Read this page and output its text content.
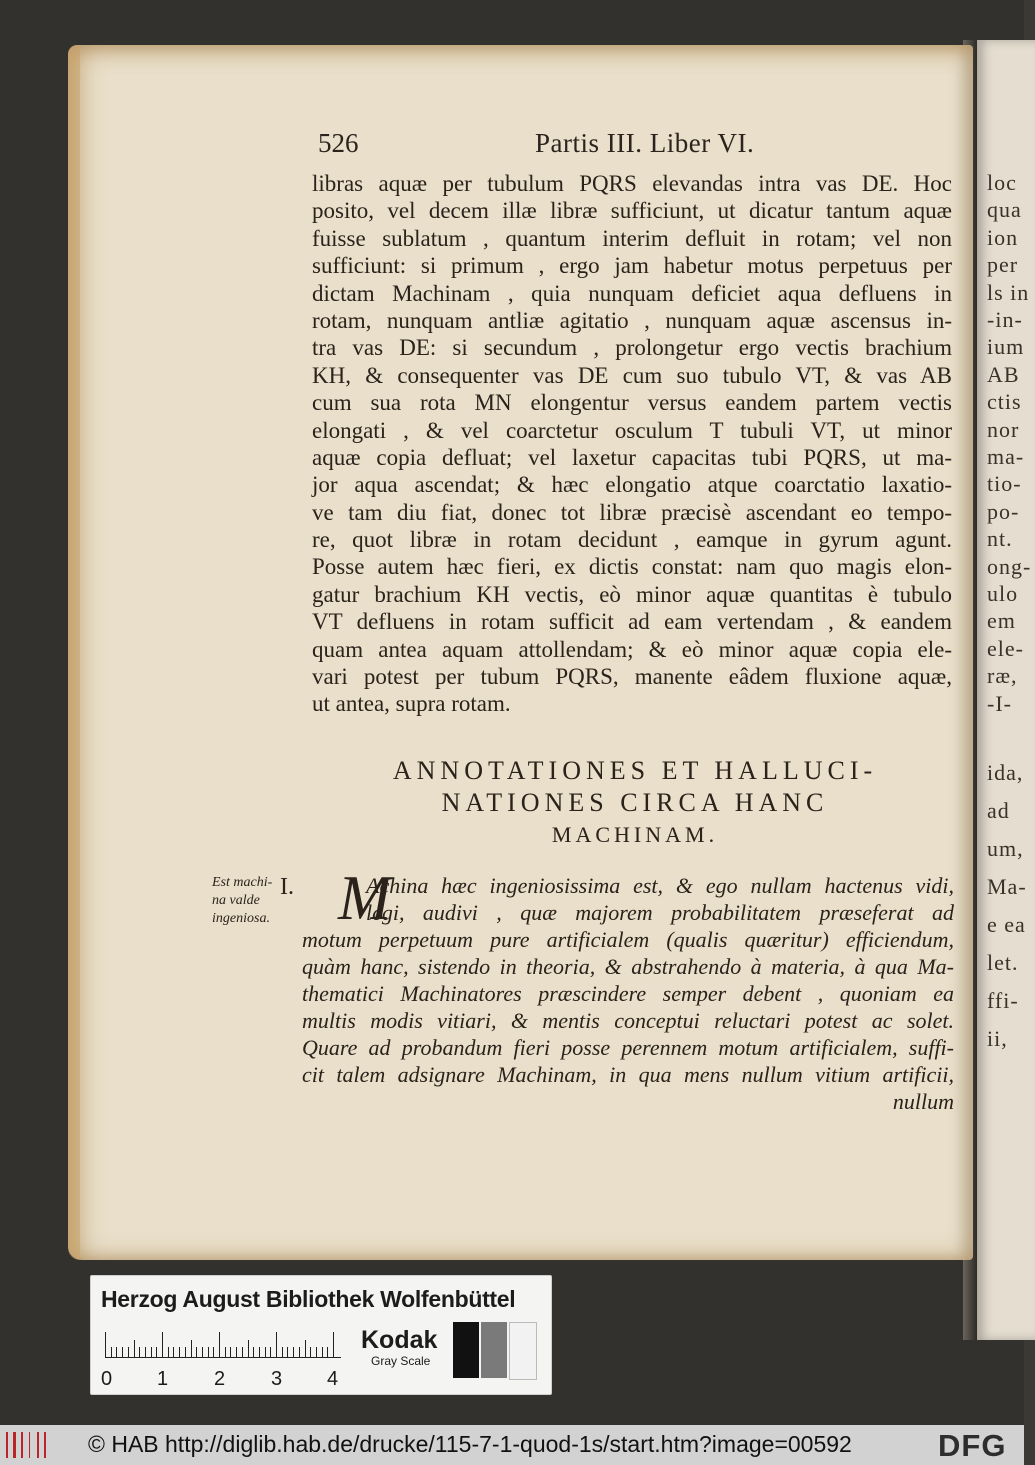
loc
qua
ion
per
ls in
-in-
ium
AB
ctis
nor
ma-
tio-
po-
nt.
ong-
ulo
em
ele-
ræ,
-I-
ida,
ad
um,
Ma-
e ea
let.
ffi-
ii,
526	Partis III. Liber VI.
libras aquæ per tubulum PQRS elevandas intra vas DE. Hoc
posito, vel decem illæ libræ sufficiunt, ut dicatur tantum aquæ
fuisse sublatum , quantum interim defluit in rotam; vel non
sufficiunt: si primum , ergo jam habetur motus perpetuus per
dictam Machinam , quia nunquam deficiet aqua defluens in
rotam, nunquam antliæ agitatio , nunquam aquæ ascensus in-
tra vas DE: si secundum , prolongetur ergo vectis brachium
KH, & consequenter vas DE cum suo tubulo VT, & vas AB
cum sua rota MN elongentur versus eandem partem vectis
elongati , & vel coarctetur osculum T tubuli VT, ut minor
aquæ copia defluat; vel laxetur capacitas tubi PQRS, ut ma-
jor aqua ascendat; & hæc elongatio atque coarctatio laxatio-
ve tam diu fiat, donec tot libræ præcisè ascendant eo tempo-
re, quot libræ in rotam decidunt , eamque in gyrum agunt.
Posse autem hæc fieri, ex dictis constat: nam quo magis elon-
gatur brachium KH vectis, eò minor aquæ quantitas è tubulo
VT defluens in rotam sufficit ad eam vertendam , & eandem
quam antea aquam attollendam; & eò minor aquæ copia ele-
vari potest per tubum PQRS, manente eâdem fluxione aquæ,
ut antea, supra rotam.
ANNOTATIONES ET HALLUCI-
NATIONES CIRCA HANC
MACHINAM.
Est machi-
na valde
ingeniosa.
I. M
Achina hæc ingeniosissima est, & ego nullam hactenus vidi,
legi, audivi , quæ majorem probabilitatem præseferat ad
motum perpetuum pure artificialem (qualis quæritur) efficiendum,
quàm hanc, sistendo in theoria, & abstrahendo à materia, à qua Ma-
thematici Machinatores præscindere semper debent , quoniam ea
multis modis vitiari, & mentis conceptui reluctari potest ac solet.
Quare ad probandum fieri posse perennem motum artificialem, suffi-
cit talem adsignare Machinam, in qua mens nullum vitium artificii,
nullum
Herzog August Bibliothek Wolfenbüttel
0 1 2 3 4
Kodak
Gray Scale
© HAB http://diglib.hab.de/drucke/115-7-1-quod-1s/start.htm?image=00592	DFG
